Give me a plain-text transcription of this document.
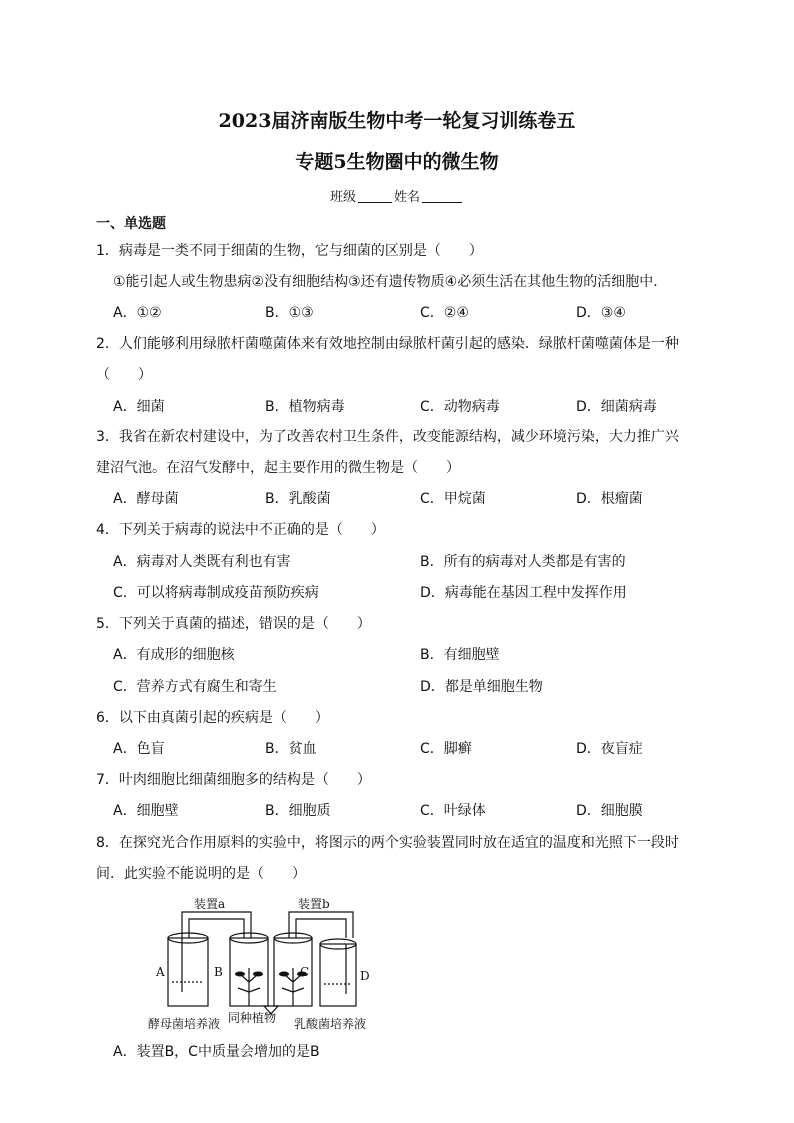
2023届济南版生物中考一轮复习训练卷五
专题5生物圈中的微生物
班级	姓名
一、单选题
1．病毒是一类不同于细菌的生物，它与细菌的区别是（　　）
①能引起人或生物患病②没有细胞结构③还有遗传物质④必须生活在其他生物的活细胞中.
A．①②	B．①③	C．②④	D．③④
2．人们能够利用绿脓杆菌噬菌体来有效地控制由绿脓杆菌引起的感染．绿脓杆菌噬菌体是一种
（　　）
A．细菌	B．植物病毒	C．动物病毒	D．细菌病毒
3．我省在新农村建设中，为了改善农村卫生条件，改变能源结构，减少环境污染，大力推广兴
建沼气池。在沼气发酵中，起主要作用的微生物是（　　）
A．酵母菌	B．乳酸菌	C．甲烷菌	D．根瘤菌
4．下列关于病毒的说法中不正确的是（　　）
A．病毒对人类既有利也有害	B．所有的病毒对人类都是有害的
C．可以将病毒制成疫苗预防疾病	D．病毒能在基因工程中发挥作用
5．下列关于真菌的描述，错误的是（　　）
A．有成形的细胞核	B．有细胞壁
C．营养方式有腐生和寄生	D．都是单细胞生物
6．以下由真菌引起的疾病是（　　）
A．色盲	B．贫血	C．脚癣	D．夜盲症
7．叶肉细胞比细菌细胞多的结构是（　　）
A．细胞壁	B．细胞质	C．叶绿体	D．细胞膜
8．在探究光合作用原料的实验中，将图示的两个实验装置同时放在适宜的温度和光照下一段时
间．此实验不能说明的是（　　）
装置a	装置b
A	B	C	D
酵母菌培养液 同种植物 乳酸菌培养液
A．装置B，C中质量会增加的是B
